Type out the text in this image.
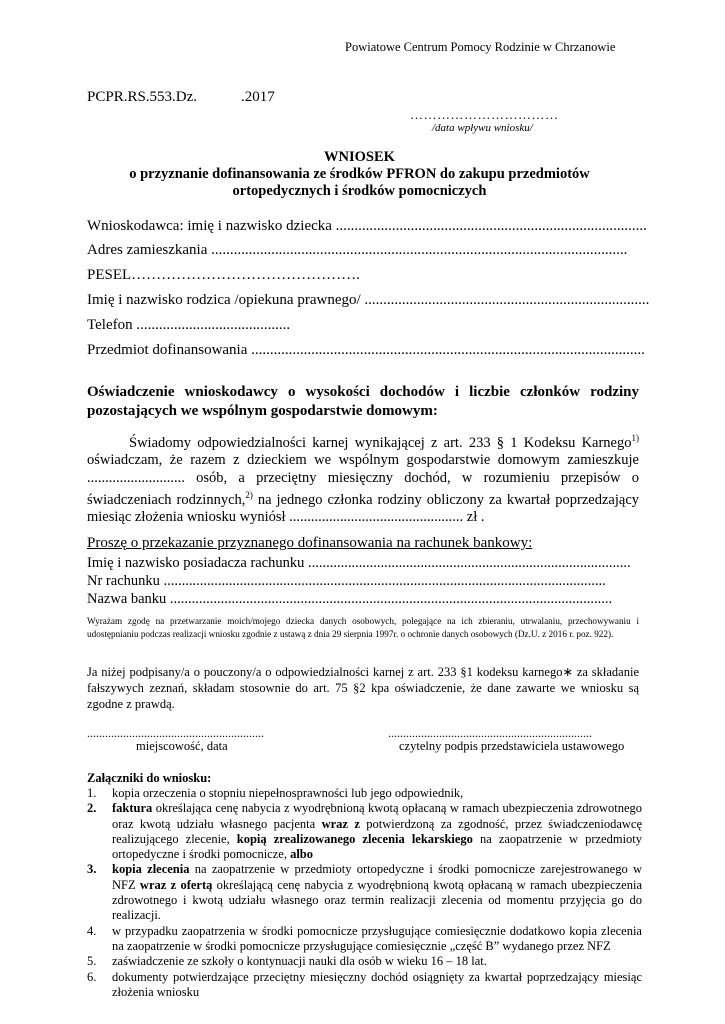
Powiatowe Centrum Pomocy Rodzinie w Chrzanowie
PCPR.RS.553.Dz.	.2017
……………………………
/data wpływu wniosku/
WNIOSEK
o przyznanie dofinansowania ze środków PFRON do zakupu przedmiotów
ortopedycznych i środków pomocniczych
Wnioskodawca: imię i nazwisko dziecka ...................................................................................
Adres zamieszkania ...............................................................................................................
PESEL……………………………………….
Imię i nazwisko rodzica /opiekuna prawnego/ ............................................................................
Telefon .........................................
Przedmiot dofinansowania .........................................................................................................
Oświadczenie wnioskodawcy o wysokości dochodów i liczbie członków rodziny pozostających we wspólnym gospodarstwie domowym:
Świadomy odpowiedzialności karnej wynikającej z art. 233 § 1 Kodeksu Karnego$^{1)}$ oświadczam, że razem z dzieckiem we wspólnym gospodarstwie domowym zamieszkuje ........................... osób, a przeciętny miesięczny dochód, w rozumieniu przepisów o świadczeniach rodzinnych,$^{2)}$ na jednego członka rodziny obliczony za kwartał poprzedzający miesiąc złożenia wniosku wyniósł ................................................ zł .
Proszę o przekazanie przyznanego dofinansowania na rachunek bankowy:
Imię i nazwisko posiadacza rachunku .........................................................................................
Nr rachunku ..........................................................................................................................
Nazwa banku ..........................................................................................................................
Wyrażam zgodę na przetwarzanie moich/mojego dziecka danych osobowych, polegające na ich zbieraniu, utrwalaniu, przechowywaniu i udostępnianiu podczas realizacji wniosku zgodnie z ustawą z dnia 29 sierpnia 1997r. o ochronie danych osobowych (Dz.U. z 2016 r. poz. 922).
Ja niżej podpisany/a o pouczony/a o odpowiedzialności karnej z art. 233 §1 kodeksu karnego∗ za składanie fałszywych zeznań, składam stosownie do art. 75 §2 kpa oświadczenie, że dane zawarte we wniosku są zgodne z prawdą.
...........................................................
miejscowość, data
....................................................................
czytelny podpis przedstawiciela ustawowego
Załączniki do wniosku:
1. kopia orzeczenia o stopniu niepełnosprawności lub jego odpowiednik,
2. faktura określająca cenę nabycia z wyodrębnioną kwotą opłacaną w ramach ubezpieczenia zdrowotnego oraz kwotą udziału własnego pacjenta wraz z potwierdzoną za zgodność, przez świadczeniodawcę realizującego zlecenie, kopią zrealizowanego zlecenia lekarskiego na zaopatrzenie w przedmioty ortopedyczne i środki pomocnicze, albo
3. kopia zlecenia na zaopatrzenie w przedmioty ortopedyczne i środki pomocnicze zarejestrowanego w NFZ wraz z ofertą określającą cenę nabycia z wyodrębnioną kwotą opłacaną w ramach ubezpieczenia zdrowotnego i kwotą udziału własnego oraz termin realizacji zlecenia od momentu przyjęcia go do realizacji.
4. w przypadku zaopatrzenia w środki pomocnicze przysługujące comiesięcznie dodatkowo kopia zlecenia na zaopatrzenie w środki pomocnicze przysługujące comiesięcznie „część B” wydanego przez NFZ
5. zaświadczenie ze szkoły o kontynuacji nauki dla osób w wieku 16 – 18 lat.
6. dokumenty potwierdzające przeciętny miesięczny dochód osiągnięty za kwartał poprzedzający miesiąc złożenia wniosku
